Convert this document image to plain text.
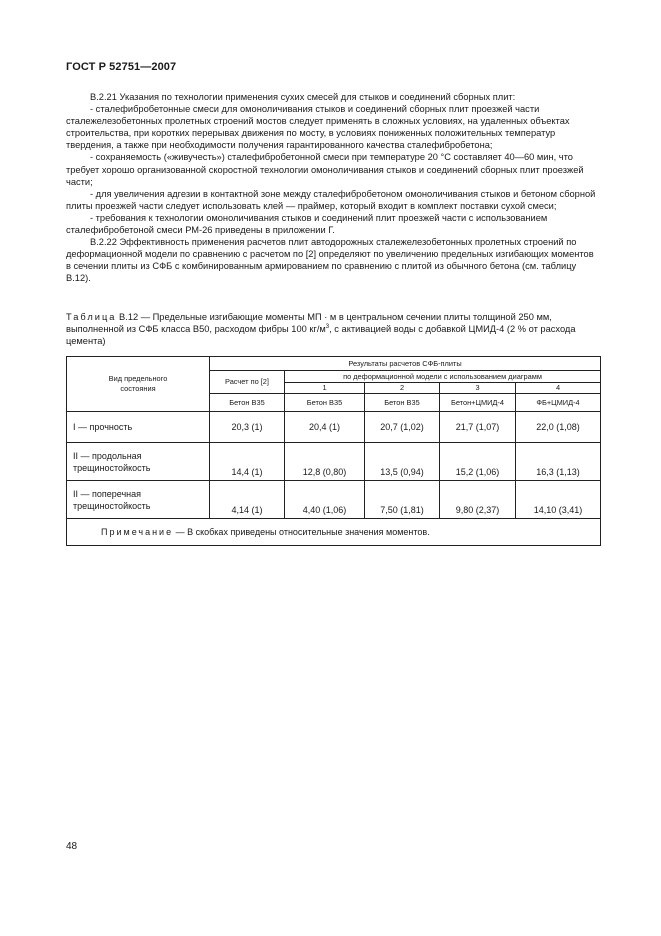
ГОСТ Р 52751—2007

В.2.21 Указания по технологии применения сухих смесей для стыков и соединений сборных плит:

- сталефибробетонные смеси для омоноличивания стыков и соединений сборных плит проезжей части сталежелезобетонных пролетных строений мостов следует применять в сложных условиях, на удаленных объектах строительства, при коротких перерывах движения по мосту, в условиях пониженных положительных температур твердения, а также при необходимости получения гарантированного качества сталефибробетона;

- сохраняемость («живучесть») сталефибробетонной смеси при температуре 20 °С составляет 40—60 мин, что требует хорошо организованной скоростной технологии омоноличивания стыков и соединений сборных плит проезжей части;

- для увеличения адгезии в контактной зоне между сталефибробетоном омоноличивания стыков и бетоном сборной плиты проезжей части следует использовать клей — праймер, который входит в комплект поставки сухой смеси;

- требования к технологии омоноличивания стыков и соединений плит проезжей части с использованием сталефибробетоной смеси РМ-26 приведены в приложении Г.

В.2.22 Эффективность применения расчетов плит автодорожных сталежелезобетонных пролетных строений по деформационной модели по сравнению с расчетом по [2] определяют по увеличению предельных изгибающих моментов в сечении плиты из СФБ с комбинированным армированием по сравнению с плитой из обычного бетона (см. таблицу В.12).

Таблица В.12 — Предельные изгибающие моменты МП · м в центральном сечении плиты толщиной 250 мм, выполненной из СФБ класса В50, расходом фибры 100 $кг/м^3$, с активацией воды с добавкой ЦМИД-4 (2 % от расхода цемента)
Вид предельного состояния	Результаты расчетов СФБ-плиты				
	Расчет по [2]	по деформационной модели с использованием диаграмм			
		1	2	3	4
	Бетон В35	Бетон В35	Бетон В35	Бетон+ЦМИД-4	ФБ+ЦМИД-4
I — прочность	20,3 (1)	20,4 (1)	20,7 (1,02)	21,7 (1,07)	22,0 (1,08)
II — продольная трещиностойкость	14,4 (1)	12,8 (0,80)	13,5 (0,94)	15,2 (1,06)	16,3 (1,13)
II — поперечная трещиностойкость	4,14 (1)	4,40 (1,06)	7,50 (1,81)	9,80 (2,37)	14,10 (3,41)
Примечание — В скобках приведены относительные значения моментов.					
48
